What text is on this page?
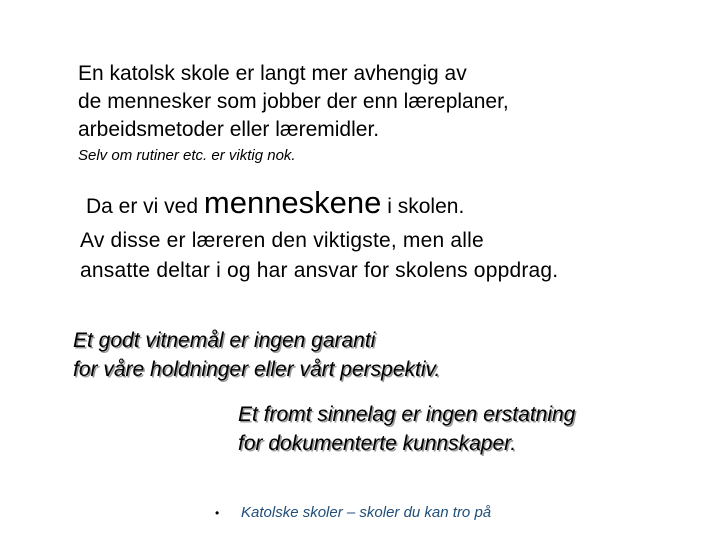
En katolsk skole er langt mer avhengig av
de mennesker som jobber der enn læreplaner,
arbeidsmetoder eller læremidler.
Selv om rutiner etc. er viktig nok.
Da er vi ved menneskene i skolen.
Av disse er læreren den viktigste, men alle
ansatte deltar i og har ansvar for skolens oppdrag.
Et godt vitnemål er ingen garanti
for våre holdninger eller vårt perspektiv.
Et fromt sinnelag er ingen erstatning
for dokumenterte kunnskaper.
• Katolske skoler – skoler du kan tro på
